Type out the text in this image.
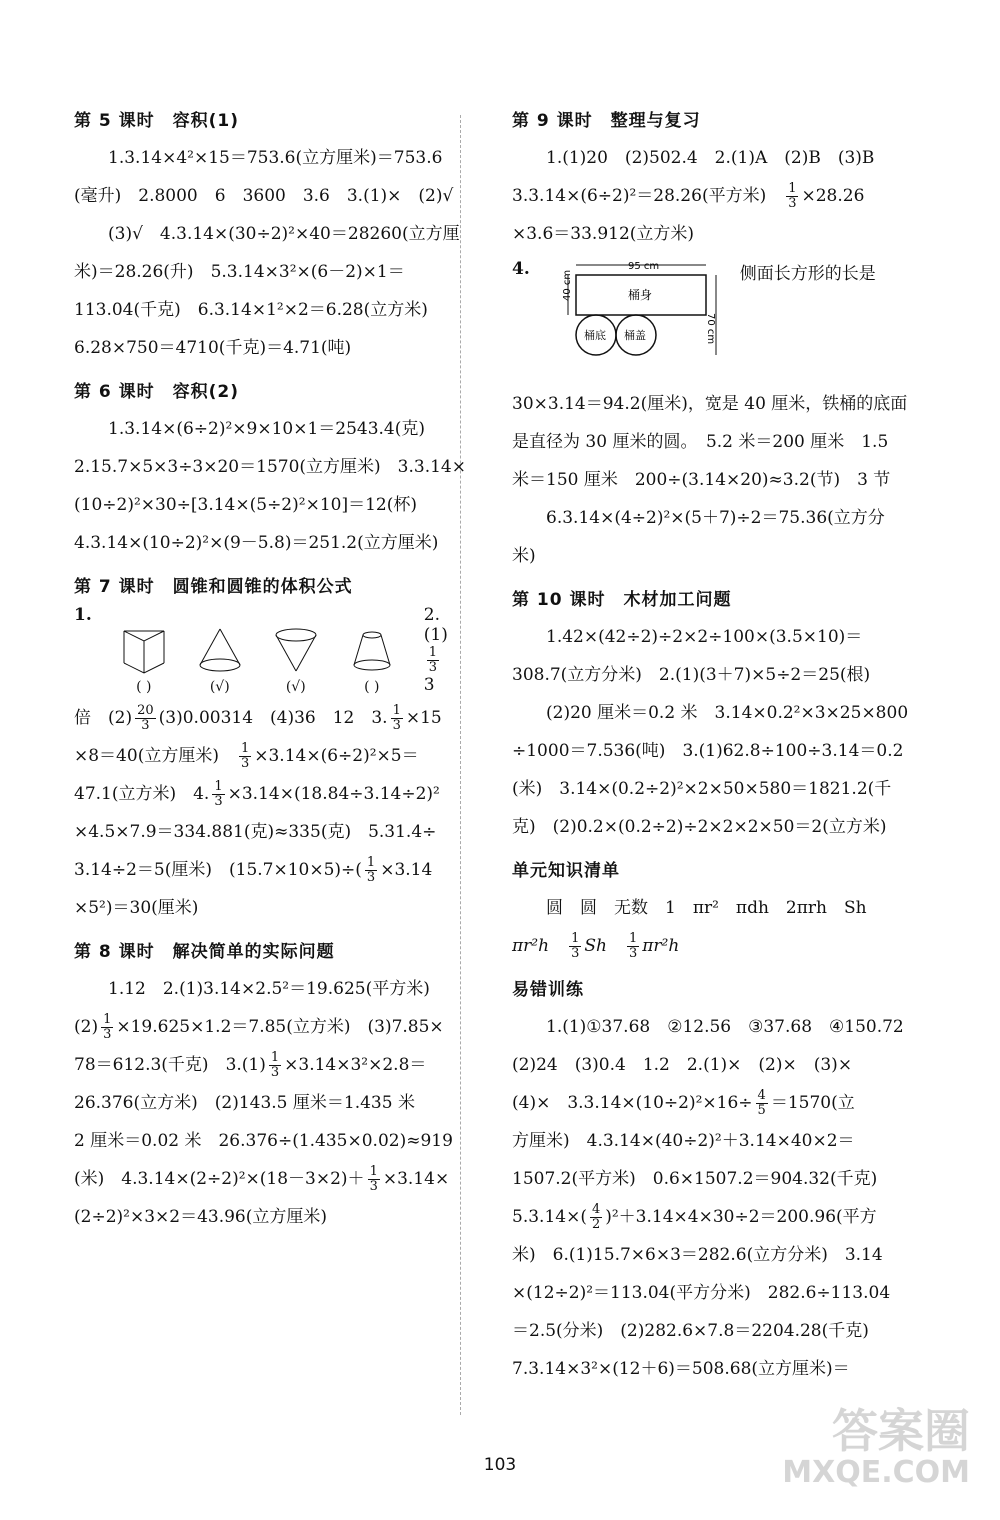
第 5 课时　容积(1)

1.3.14×4²×15＝753.6(立方厘米)＝753.6

(毫升)　2.8000　6　3600　3.6　3.(1)×　(2)√

(3)√　4.3.14×(30÷2)²×40＝28260(立方厘

米)＝28.26(升)　5.3.14×3²×(6－2)×1＝

113.04(千克)　6.3.14×1²×2＝6.28(立方米)

6.28×750＝4710(千克)＝4.71(吨)

第 6 课时　容积(2)

1.3.14×(6÷2)²×9×10×1＝2543.4(克)

2.15.7×5×3÷3×20＝1570(立方厘米)　3.3.14×

(10÷2)²×30÷[3.14×(5÷2)²×10]＝12(杯)

4.3.14×(10÷2)²×(9－5.8)＝251.2(立方厘米)

第 7 课时　圆锥和圆锥的体积公式
1.
( )	(√)	(√)	( )
2.(1)
$\frac{1}{3}$
　3

倍　$(2) \frac{20}{3} (3)0.00314$　(4)36　12　3. $\frac{1}{3} \times 15$

×8＝40(立方厘米)　 $\frac{1}{3} \times 3.14\times(6\div 2)^2\times 5=$

47.1(立方米)　4. $\frac{1}{3} \times 3.14\times(18.84\div 3.14\div 2)^2$

×4.5×7.9＝334.881(克)≈335(克)　5.31.4÷

3.14÷2＝5(厘米)　$(15.7\times 10\times 5)\div( \frac{1}{3} \times 3.14$

×5²)＝30(厘米)

第 8 课时　解决简单的实际问题

1.12　2.(1)3.14×2.5²＝19.625(平方米)

$(2) \frac{1}{3} \times 19.625\times 1.2=7.85$(立方米)　(3)7.85×

78＝612.3(千克)　$3.(1) \frac{1}{3} \times 3.14\times 3^2\times 2.8=$

26.376(立方米)　(2)143.5 厘米＝1.435 米

2 厘米＝0.02 米　26.376÷(1.435×0.02)≈919

(米)　$4.3.14\times(2\div 2)^2\times(18-3\times 2)+ \frac{1}{3} \times 3.14\times$

(2÷2)²×3×2＝43.96(立方厘米)

第 9 课时　整理与复习

1.(1)20　(2)502.4　2.(1)A　(2)B　(3)B

3.3.14×(6÷2)²＝28.26(平方米)　 $\frac{1}{3} \times 28.26$

×3.6＝33.912(立方米)

4.	95 cm
桶身
桶底 桶盖
40 cm
70 cm
侧面长方形的长是

30×3.14＝94.2(厘米)，宽是 40 厘米，铁桶的底面

是直径为 30 厘米的圆。　5.2 米＝200 厘米　1.5

米＝150 厘米　200÷(3.14×20)≈3.2(节)　3 节

6.3.14×(4÷2)²×(5＋7)÷2＝75.36(立方分

米)

第 10 课时　木材加工问题

1.42×(42÷2)÷2×2÷100×(3.5×10)＝

308.7(立方分米)　2.(1)(3＋7)×5÷2＝25(根)

(2)20 厘米＝0.2 米　3.14×0.2²×3×25×800

÷1000＝7.536(吨)　3.(1)62.8÷100÷3.14＝0.2

(米)　3.14×(0.2÷2)²×2×50×580＝1821.2(千

克)　(2)0.2×(0.2÷2)÷2×2×2×50＝2(立方米)

单元知识清单

圆　圆　无数　1　πr²　πdh　2πrh　Sh

πr²h　 $\frac{1}{3}$ Sh　 $\frac{1}{3} \pi r^2h$

易错训练

1.(1)①37.68　②12.56　③37.68　④150.72

(2)24　(3)0.4　1.2　2.(1)×　(2)×　(3)×

(4)×　$3.3.14\times(10\div 2)^2\times 16\div \frac{4}{5} =1570$(立

方厘米)　4.3.14×(40÷2)²＋3.14×40×2＝

1507.2(平方米)　0.6×1507.2＝904.32(千克)

$5.3.14\times( \frac{4}{2} )^2+3.14\times 4\times 30\div 2=200.96$(平方

米)　6.(1)15.7×6×3＝282.6(立方分米)　3.14

×(12÷2)²＝113.04(平方分米)　282.6÷113.04

＝2.5(分米)　(2)282.6×7.8＝2204.28(千克)

7.3.14×3²×(12＋6)＝508.68(立方厘米)＝

103
答案圈
MXQE.COM
